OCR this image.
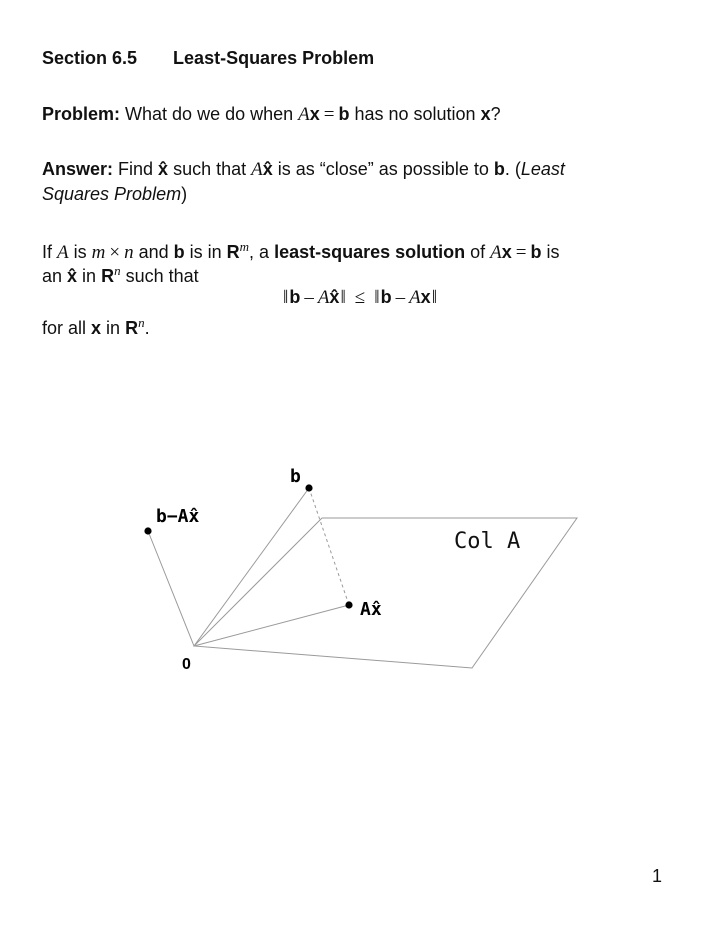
Section 6.5 Least-Squares Problem
Problem: What do we do when Ax = b has no solution x?
Answer: Find x̂ such that Ax̂ is as “close” as possible to b. (Least
Squares Problem)
If A is m × n and b is in $R^m$, a least-squares solution of Ax = b is
an x̂ in $R^n$ such that
‖b – Ax̂‖ ≤ ‖b – Ax‖
for all x in $R^n$.
b
b−Ax̂
Ax̂
Col A
0
1
